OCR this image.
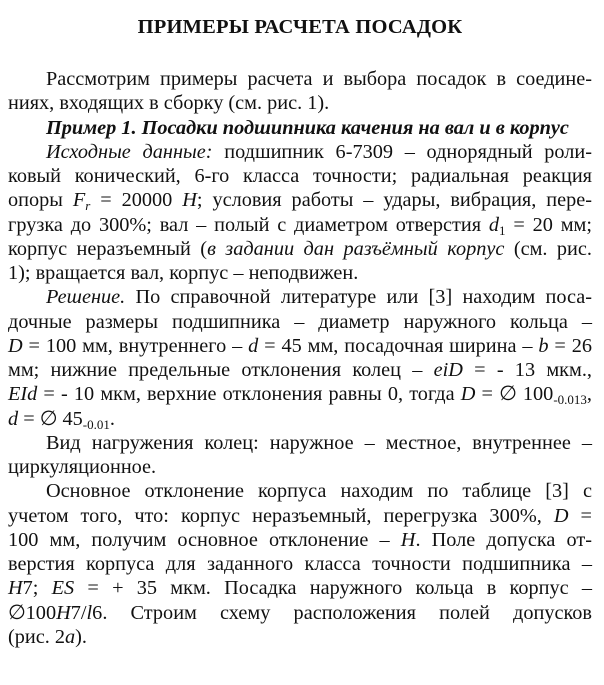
ПРИМЕРЫ РАСЧЕТА ПОСАДОК
Рассмотрим примеры расчета и выбора посадок в соедине-
ниях, входящих в сборку (см. рис. 1).
Пример 1. Посадки подшипника качения на вал и в корпус
Исходные данные: подшипник 6-7309 – однорядный роли-
ковый конический, 6-го класса точности; радиальная реакция
опоры $F_r = 20000$ H; условия работы – удары, вибрация, пере-
грузка до 300%; вал – полый с диаметром отверстия $d_1 = 20$ мм;
корпус неразъемный (в задании дан разъёмный корпус (см. рис.
1); вращается вал, корпус – неподвижен.
Решение. По справочной литературе или [3] находим поса-
дочные размеры подшипника – диаметр наружного кольца –
D = 100 мм, внутреннего – d = 45 мм, посадочная ширина – b = 26
мм; нижние предельные отклонения колец – eiD = - 13 мкм.,
EId = - 10 мкм, верхние отклонения равны 0, тогда D = ∅ $100_{-0.013}$,
d = ∅ $45_{-0.01}$.
Вид нагружения колец: наружное – местное, внутреннее –
циркуляционное.
Основное отклонение корпуса находим по таблице [3] с
учетом того, что: корпус неразъемный, перегрузка 300%, D =
100 мм, получим основное отклонение – H. Поле допуска от-
верстия корпуса для заданного класса точности подшипника –
H7; ES = + 35 мкм. Посадка наружного кольца в корпус –
∅100H7/l6. Строим схему расположения полей допусков
(рис. 2а).
